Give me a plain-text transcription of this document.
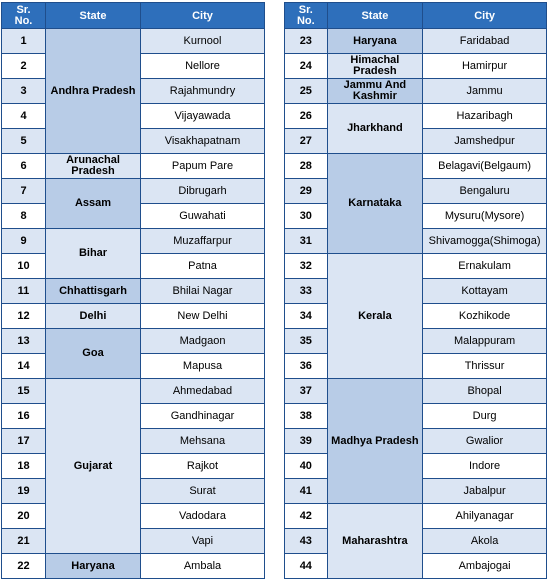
Sr.
No.	State	City
1	Andhra Pradesh	Kurnool
2		Nellore
3		Rajahmundry
4		Vijayawada
5		Visakhapatnam
6	Arunachal Pradesh	Papum Pare
7	Assam	Dibrugarh
8		Guwahati
9	Bihar	Muzaffarpur
10		Patna
11	Chhattisgarh	Bhilai Nagar
12	Delhi	New Delhi
13	Goa	Madgaon
14		Mapusa
15	Gujarat	Ahmedabad
16		Gandhinagar
17		Mehsana
18		Rajkot
19		Surat
20		Vadodara
21		Vapi
22	Haryana	Ambala
Sr.
No.	State	City
23	Haryana	Faridabad
24	Himachal Pradesh	Hamirpur
25	Jammu And Kashmir	Jammu
26	Jharkhand	Hazaribagh
27		Jamshedpur
28	Karnataka	Belagavi(Belgaum)
29		Bengaluru
30		Mysuru(Mysore)
31		Shivamogga(Shimoga)
32	Kerala	Ernakulam
33		Kottayam
34		Kozhikode
35		Malappuram
36		Thrissur
37	Madhya Pradesh	Bhopal
38		Durg
39		Gwalior
40		Indore
41		Jabalpur
42	Maharashtra	Ahilyanagar
43		Akola
44		Ambajogai
